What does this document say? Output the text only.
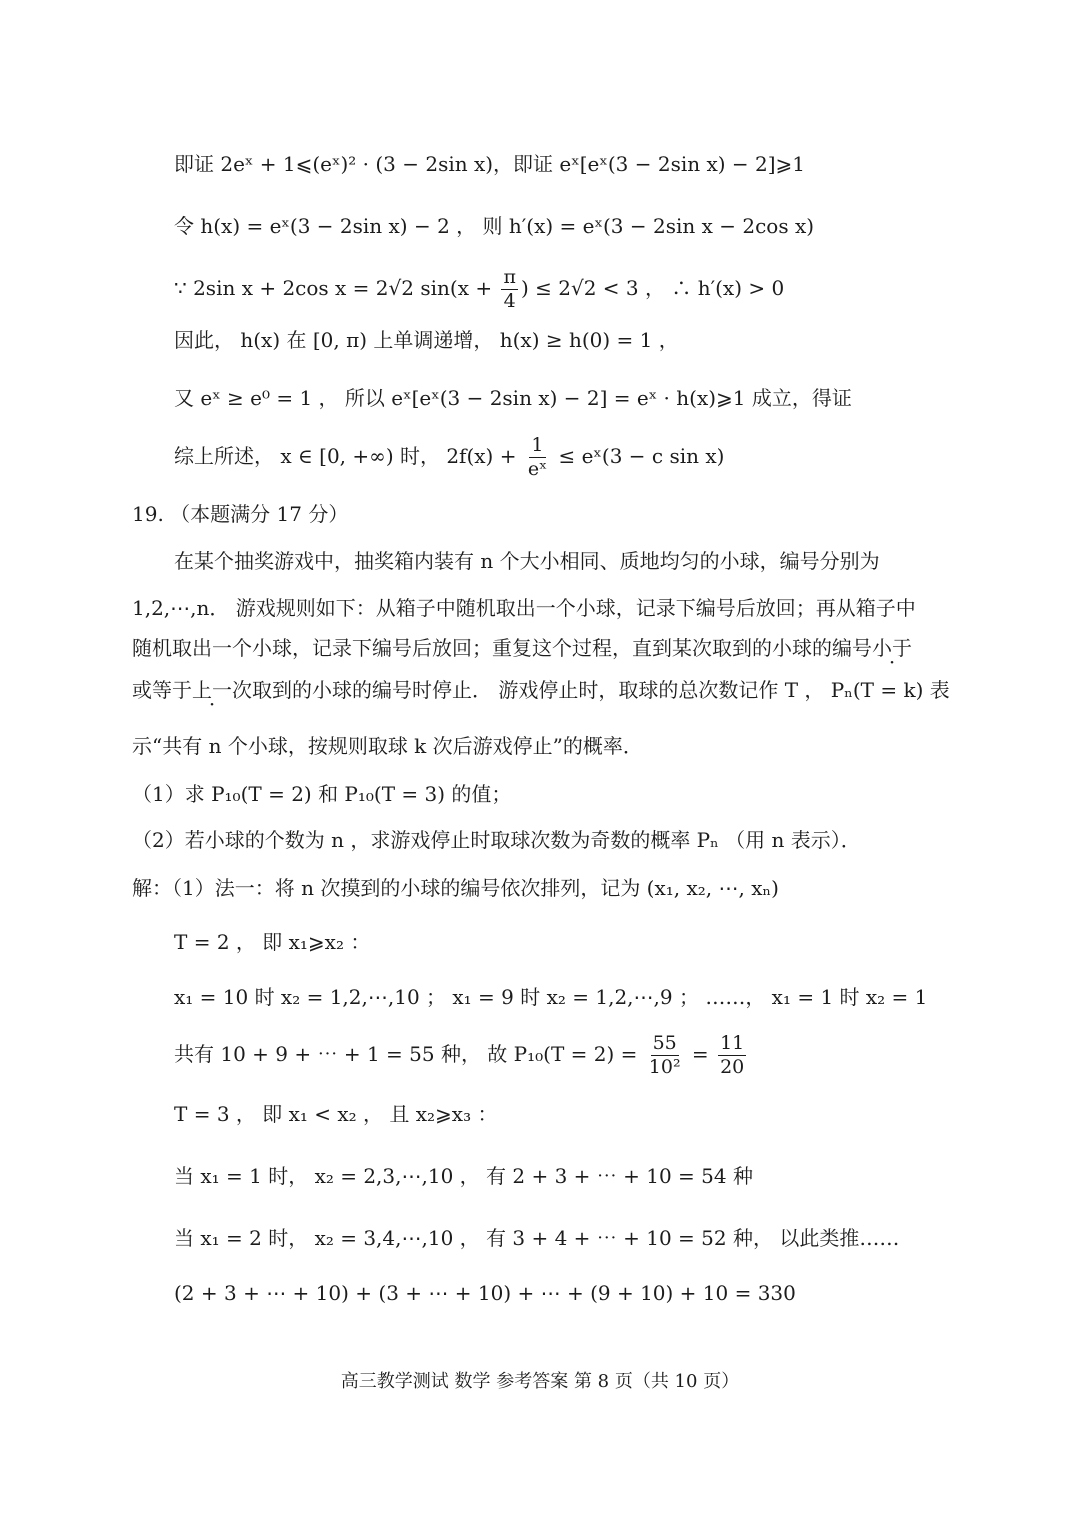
即证 2eˣ + 1⩽(eˣ)² · (3 − 2sin x)，即证 eˣ[eˣ(3 − 2sin x) − 2]⩾1
令 h(x) = eˣ(3 − 2sin x) − 2 ， 则 h′(x) = eˣ(3 − 2sin x − 2cos x)
∵ 2sin x + 2cos x = 2√2 $\sin(x + \frac{\pi}{4}$ ) ≤ 2√2 < 3 ， ∴ h′(x) > 0
因此， h(x) 在 [0, π) 上单调递增， h(x) ≥ h(0) = 1 ，
又 eˣ ≥ e⁰ = 1 ， 所以 eˣ[eˣ(3 − 2sin x) − 2] = eˣ · h(x)⩾1 成立，得证
综上所述， x ∈ [0, +∞) 时， $2f(x) + \frac{1}{\text{eˣ}}$ ≤ eˣ(3 − c sin x)
19. （本题满分 17 分）
在某个抽奖游戏中，抽奖箱内装有 n 个大小相同、质地均匀的小球，编号分别为
1,2,⋯,n． 游戏规则如下：从箱子中随机取出一个小球，记录下编号后放回；再从箱子中
随机取出一个小球，记录下编号后放回；重复这个过程，直到某次取到的小球的编号小于
或等于上一次取到 ·的小球的编号时停止． 游戏停止时，取球的总次数记作 T ， Pₙ(T = k) 表
示“共有 n 个小球，按规则取球 k 次后游戏停止”的概率．
（1）求 P₁₀(T = 2) 和 P₁₀(T = 3) 的值；
（2）若小球的个数为 n ，求游戏停止时取球次数为奇数的概率 Pₙ （用 n 表示）．
解：（1）法一：将 n 次摸到的小球的编号依次排列，记为 (x₁, x₂, ⋯, xₙ)
T = 2 ， 即 x₁⩾x₂ ：
x₁ = 10 时 x₂ = 1,2,⋯,10 ； x₁ = 9 时 x₂ = 1,2,⋯,9 ； ……， x₁ = 1 时 x₂ = 1
共有 10 + 9 + ⋯ + 1 = 55 种， 故 $P_{10}(T = 2) = \frac{55}{\text{10²}} = \frac{11}{20}$
T = 3 ， 即 x₁ < x₂ ， 且 x₂⩾x₃ ：
当 x₁ = 1 时， x₂ = 2,3,⋯,10 ， 有 2 + 3 + ⋯ + 10 = 54 种
当 x₁ = 2 时， x₂ = 3,4,⋯,10 ， 有 3 + 4 + ⋯ + 10 = 52 种， 以此类推……
(2 + 3 + ⋯ + 10) + (3 + ⋯ + 10) + ⋯ + (9 + 10) + 10 = 330
高三教学测试 数学 参考答案 第 8 页（共 10 页）
